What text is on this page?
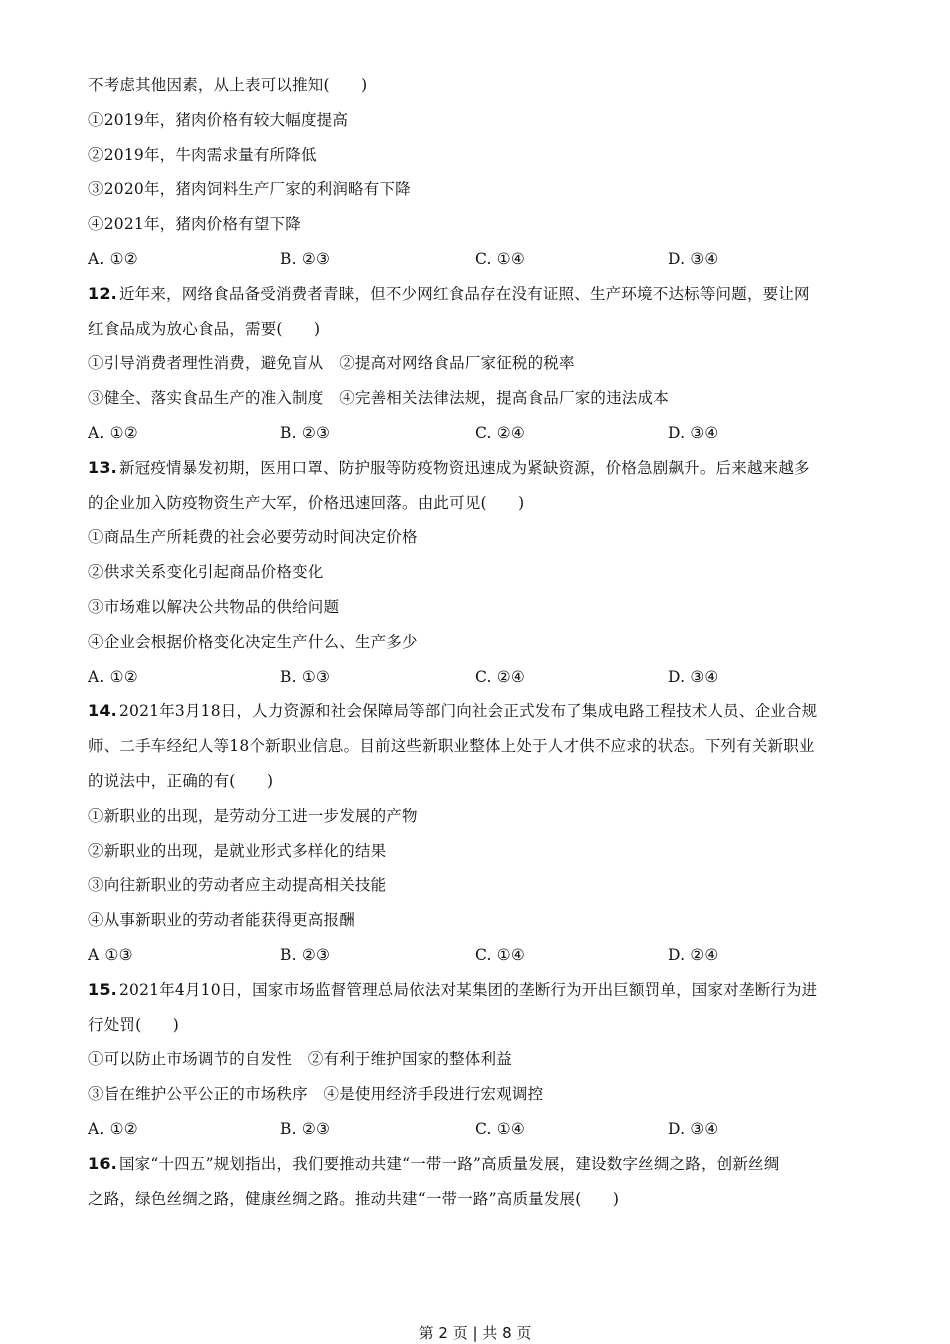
不考虑其他因素，从上表可以推知(　　)
①2019年，猪肉价格有较大幅度提高
②2019年，牛肉需求量有所降低
③2020年，猪肉饲料生产厂家的利润略有下降
④2021年，猪肉价格有望下降
A. ①②	B. ②③	C. ①④	D. ③④
12. 近年来，网络食品备受消费者青睐，但不少网红食品存在没有证照、生产环境不达标等问题，要让网
红食品成为放心食品，需要(　　)
①引导消费者理性消费，避免盲从　②提高对网络食品厂家征税的税率
③健全、落实食品生产的准入制度　④完善相关法律法规，提高食品厂家的违法成本
A. ①②	B. ②③	C. ②④	D. ③④
13. 新冠疫情暴发初期，医用口罩、防护服等防疫物资迅速成为紧缺资源，价格急剧飙升。后来越来越多
的企业加入防疫物资生产大军，价格迅速回落。由此可见(　　)
①商品生产所耗费的社会必要劳动时间决定价格
②供求关系变化引起商品价格变化
③市场难以解决公共物品的供给问题
④企业会根据价格变化决定生产什么、生产多少
A. ①②	B. ①③	C. ②④	D. ③④
14. 2021年3月18日，人力资源和社会保障局等部门向社会正式发布了集成电路工程技术人员、企业合规
师、二手车经纪人等18个新职业信息。目前这些新职业整体上处于人才供不应求的状态。下列有关新职业
的说法中，正确的有(　　)
①新职业的出现，是劳动分工进一步发展的产物
②新职业的出现，是就业形式多样化的结果
③向往新职业的劳动者应主动提高相关技能
④从事新职业的劳动者能获得更高报酬
A ①③	B. ②③	C. ①④	D. ②④
15. 2021年4月10日，国家市场监督管理总局依法对某集团的垄断行为开出巨额罚单，国家对垄断行为进
行处罚(　　)
①可以防止市场调节的自发性　②有利于维护国家的整体利益
③旨在维护公平公正的市场秩序　④是使用经济手段进行宏观调控
A. ①②	B. ②③	C. ①④	D. ③④
16. 国家“十四五”规划指出，我们要推动共建“一带一路”高质量发展，建设数字丝绸之路，创新丝绸
之路，绿色丝绸之路，健康丝绸之路。推动共建“一带一路”高质量发展(　　)
第 2 页 | 共 8 页
